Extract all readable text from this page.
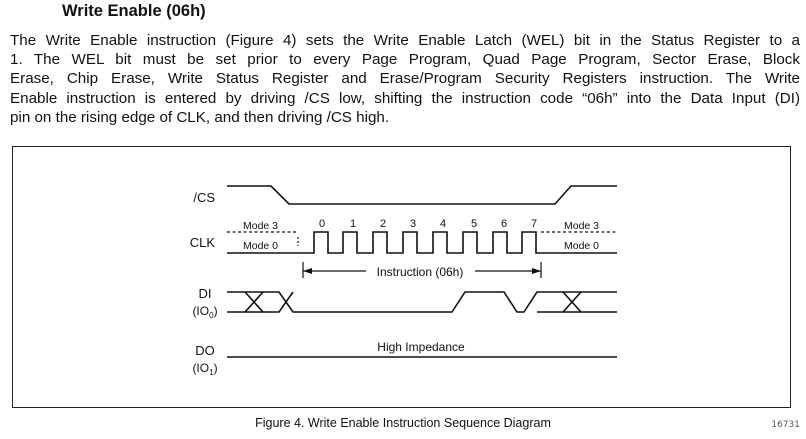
Write Enable (06h)
The Write Enable instruction (Figure 4) sets the Write Enable Latch (WEL) bit in the Status Register to a
1. The WEL bit must be set prior to every Page Program, Quad Page Program, Sector Erase, Block
Erase, Chip Erase, Write Status Register and Erase/Program Security Registers instruction. The Write
Enable instruction is entered by driving /CS low, shifting the instruction code “06h” into the Data Input (DI)
pin on the rising edge of CLK, and then driving /CS high.
/CS
CLK
DI
$(IO_0)$
DO
$(IO_1)$
Mode 3
Mode 0
Mode 3
Mode 0
0 1 2 3 4 5 6 7
Instruction (06h)
High Impedance
Figure 4. Write Enable Instruction Sequence Diagram	16731
